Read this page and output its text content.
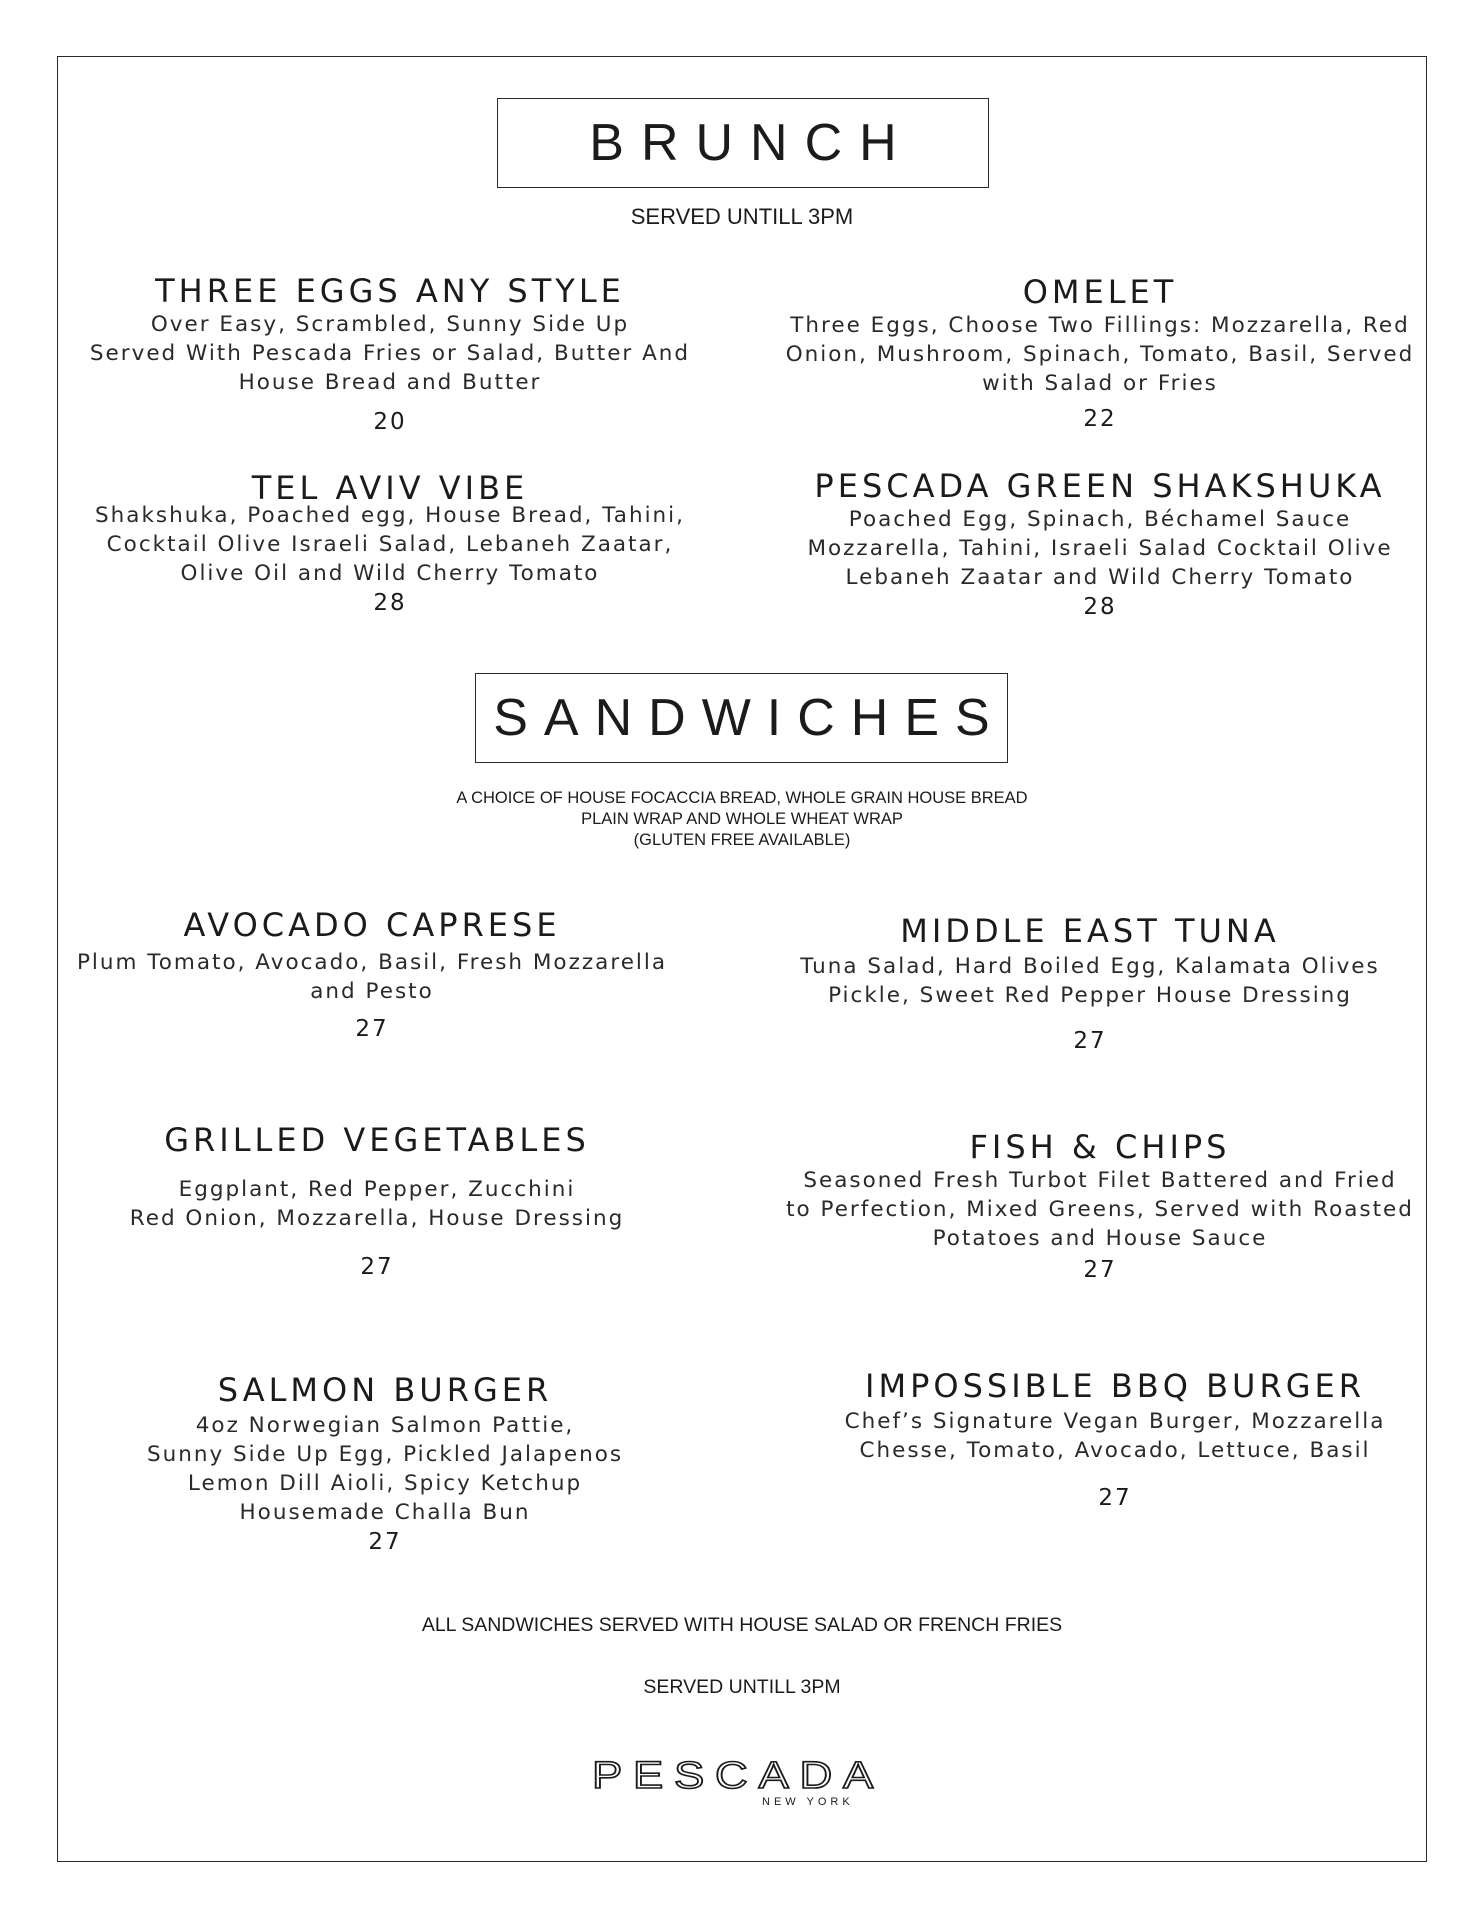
BRUNCH
SERVED UNTILL 3PM
THREE EGGS ANY STYLE
Over Easy, Scrambled, Sunny Side Up
Served With Pescada Fries or Salad, Butter And
House Bread and Butter
20
OMELET
Three Eggs, Choose Two Fillings: Mozzarella, Red
Onion, Mushroom, Spinach, Tomato, Basil, Served
with Salad or Fries
22
TEL AVIV VIBE
Shakshuka, Poached egg, House Bread, Tahini,
Cocktail Olive Israeli Salad, Lebaneh Zaatar,
Olive Oil and Wild Cherry Tomato
28
PESCADA GREEN SHAKSHUKA
Poached Egg, Spinach, Béchamel Sauce
Mozzarella, Tahini, Israeli Salad Cocktail Olive
Lebaneh Zaatar and Wild Cherry Tomato
28
SANDWICHES
A CHOICE OF HOUSE FOCACCIA BREAD, WHOLE GRAIN HOUSE BREAD
PLAIN WRAP AND WHOLE WHEAT WRAP
(GLUTEN FREE AVAILABLE)
AVOCADO CAPRESE
Plum Tomato, Avocado, Basil, Fresh Mozzarella
and Pesto
27
MIDDLE EAST TUNA
Tuna Salad, Hard Boiled Egg, Kalamata Olives
Pickle, Sweet Red Pepper House Dressing
27
GRILLED VEGETABLES
Eggplant, Red Pepper, Zucchini
Red Onion, Mozzarella, House Dressing
27
FISH & CHIPS
Seasoned Fresh Turbot Filet Battered and Fried
to Perfection, Mixed Greens, Served with Roasted
Potatoes and House Sauce
27
SALMON BURGER
4oz Norwegian Salmon Pattie,
Sunny Side Up Egg, Pickled Jalapenos
Lemon Dill Aioli, Spicy Ketchup
Housemade Challa Bun
27
IMPOSSIBLE BBQ BURGER
Chef’s Signature Vegan Burger, Mozzarella
Chesse, Tomato, Avocado, Lettuce, Basil
27
ALL SANDWICHES SERVED WITH HOUSE SALAD OR FRENCH FRIES
SERVED UNTILL 3PM
PESCADA
NEW YORK
